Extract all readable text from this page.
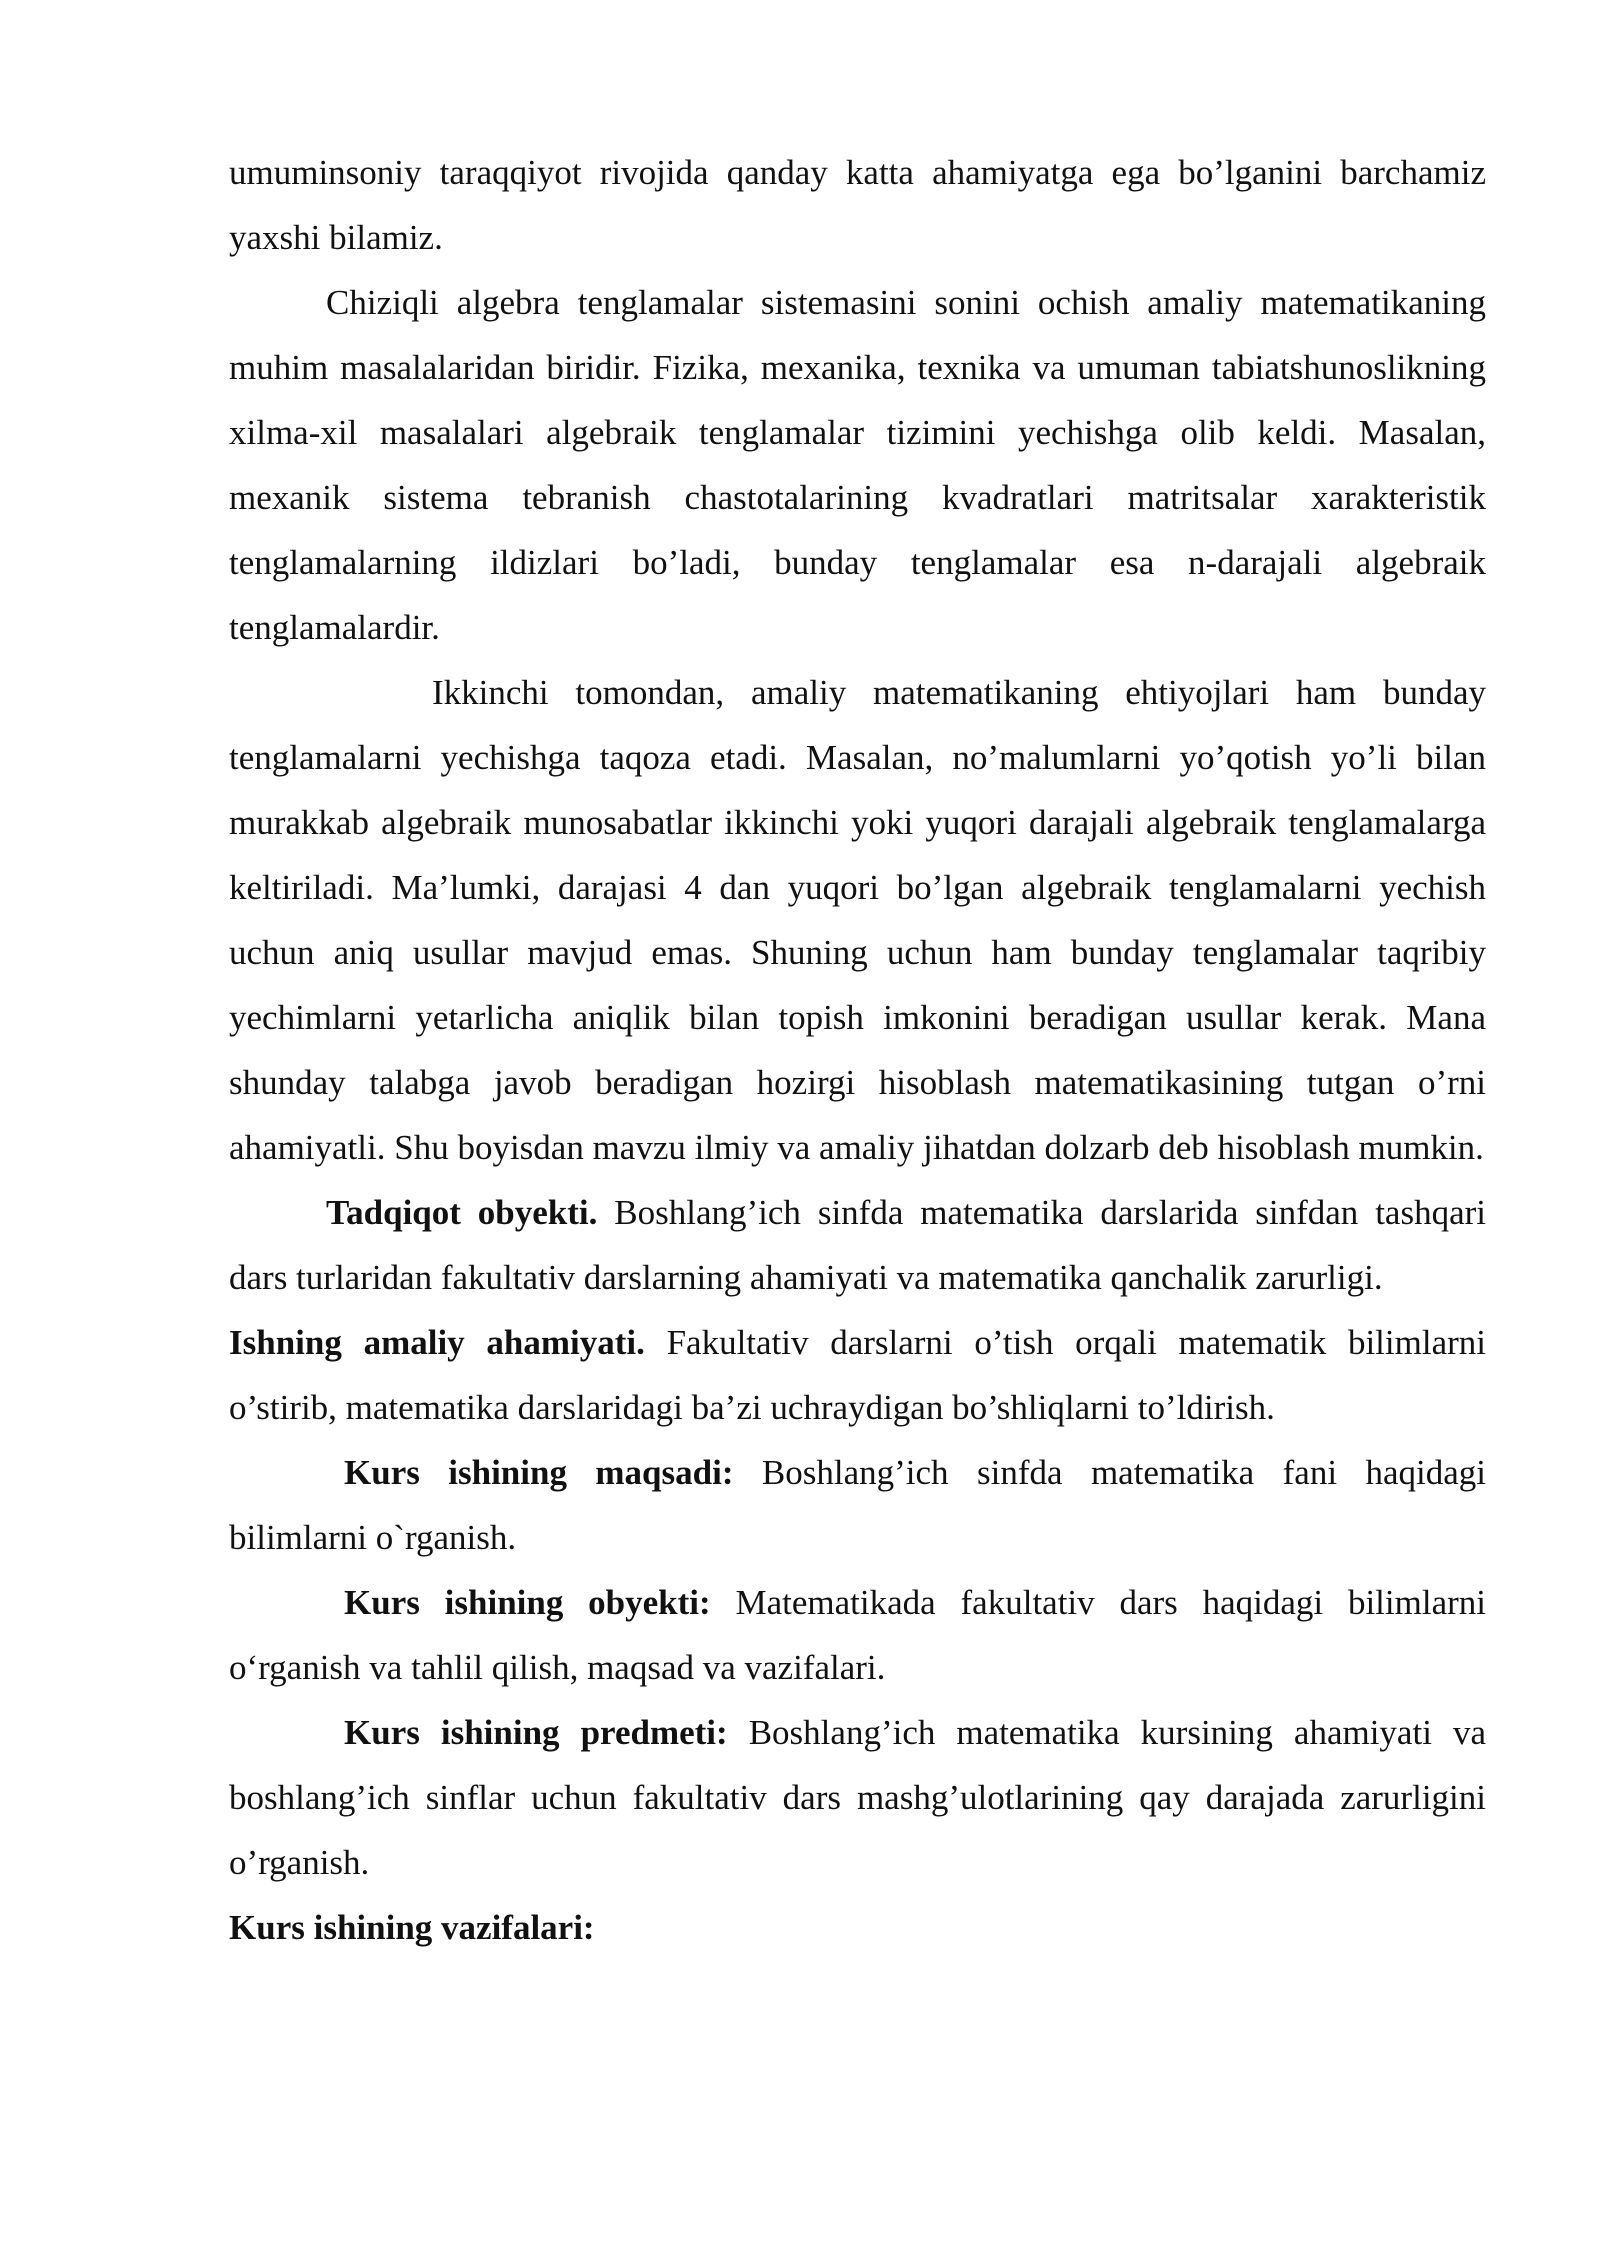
umuminsoniy taraqqiyot rivojida qanday katta ahamiyatga ega bo’lganini barchamiz yaxshi bilamiz.

Chiziqli algebra tenglamalar sistemasini sonini ochish amaliy matematikaning muhim masalalaridan biridir. Fizika, mexanika, texnika va umuman tabiatshunoslikning xilma-xil masalalari algebraik tenglamalar tizimini yechishga olib keldi. Masalan, mexanik sistema tebranish chastotalarining kvadratlari matritsalar xarakteristik tenglamalarning ildizlari bo’ladi, bunday tenglamalar esa n-darajali algebraik tenglamalardir.

Ikkinchi tomondan, amaliy matematikaning ehtiyojlari ham bunday tenglamalarni yechishga taqoza etadi. Masalan, no’malumlarni yo’qotish yo’li bilan murakkab algebraik munosabatlar ikkinchi yoki yuqori darajali algebraik tenglamalarga keltiriladi. Ma’lumki, darajasi 4 dan yuqori bo’lgan algebraik tenglamalarni yechish uchun aniq usullar mavjud emas. Shuning uchun ham bunday tenglamalar taqribiy yechimlarni yetarlicha aniqlik bilan topish imkonini beradigan usullar kerak. Mana shunday talabga javob beradigan hozirgi hisoblash matematikasining tutgan o’rni ahamiyatli. Shu boyisdan mavzu ilmiy va amaliy jihatdan dolzarb deb hisoblash mumkin.

Tadqiqot obyekti. Boshlang’ich sinfda matematika darslarida sinfdan tashqari dars turlaridan fakultativ darslarning ahamiyati va matematika qanchalik zarurligi.

Ishning amaliy ahamiyati. Fakultativ darslarni o’tish orqali matematik bilimlarni o’stirib, matematika darslaridagi ba’zi uchraydigan bo’shliqlarni to’ldirish.

Kurs ishining maqsadi: Boshlang’ich sinfda matematika fani haqidagi bilimlarni o`rganish.

Kurs ishining obyekti: Matematikada fakultativ dars haqidagi bilimlarni o‘rganish va tahlil qilish, maqsad va vazifalari.

Kurs ishining predmeti: Boshlang’ich matematika kursining ahamiyati va boshlang’ich sinflar uchun fakultativ dars mashg’ulotlarining qay darajada zarurligini o’rganish.

Kurs ishining vazifalari:
